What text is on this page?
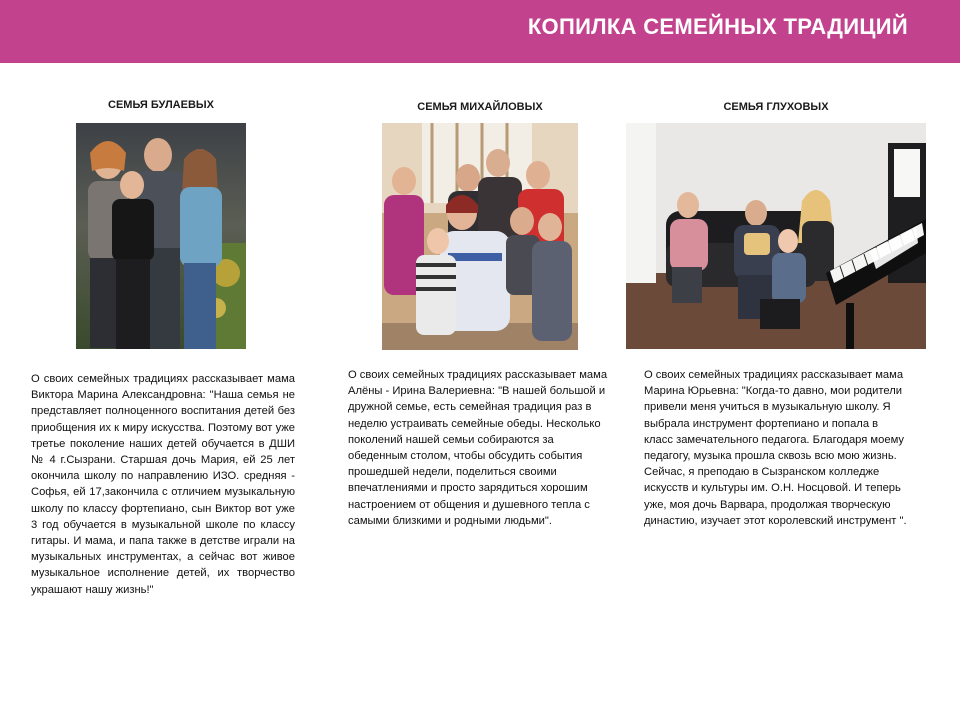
КОПИЛКА СЕМЕЙНЫХ ТРАДИЦИЙ
СЕМЬЯ БУЛАЕВЫХ

О своих семейных традициях рассказывает мама Виктора Марина Александровна: "Наша семья не представляет полноценного воспитания детей без приобщения их к миру искусства. Поэтому вот уже третье поколение наших детей обучается в ДШИ № 4 г.Сызрани. Старшая дочь Мария, ей 25 лет окончила школу по направлению ИЗО. средняя - Софья, ей 17,закончила с отличием музыкальную школу по классу фортепиано, сын Виктор вот уже 3 год обучается в музыкальной школе по классу гитары. И мама, и папа также в детстве играли на музыкальных инструментах, а сейчас вот живое музыкальное исполнение детей, их творчество украшают нашу жизнь!"

СЕМЬЯ МИХАЙЛОВЫХ

О своих семейных традициях рассказывает мама Алёны - Ирина Валериевна: "В нашей большой и дружной семье, есть семейная традиция раз в неделю устраивать семейные обеды. Несколько поколений нашей семьи собираются за обеденным столом, чтобы обсудить события прошедшей недели, поделиться своими впечатлениями и просто зарядиться хорошим настроением от общения и душевного тепла с самыми близкими и родными людьми".

СЕМЬЯ ГЛУХОВЫХ

О своих семейных традициях рассказывает мама Марина Юрьевна: "Когда-то давно, мои родители привели меня учиться в музыкальную школу. Я выбрала инструмент фортепиано и попала в класс замечательного педагога. Благодаря моему педагогу, музыка прошла сквозь всю мою жизнь. Сейчас, я преподаю в Сызранском колледже искусств и культуры им. О.Н. Носцовой. И теперь уже, моя дочь Варвара, продолжая творческую династию, изучает этот королевский инструмент ".
